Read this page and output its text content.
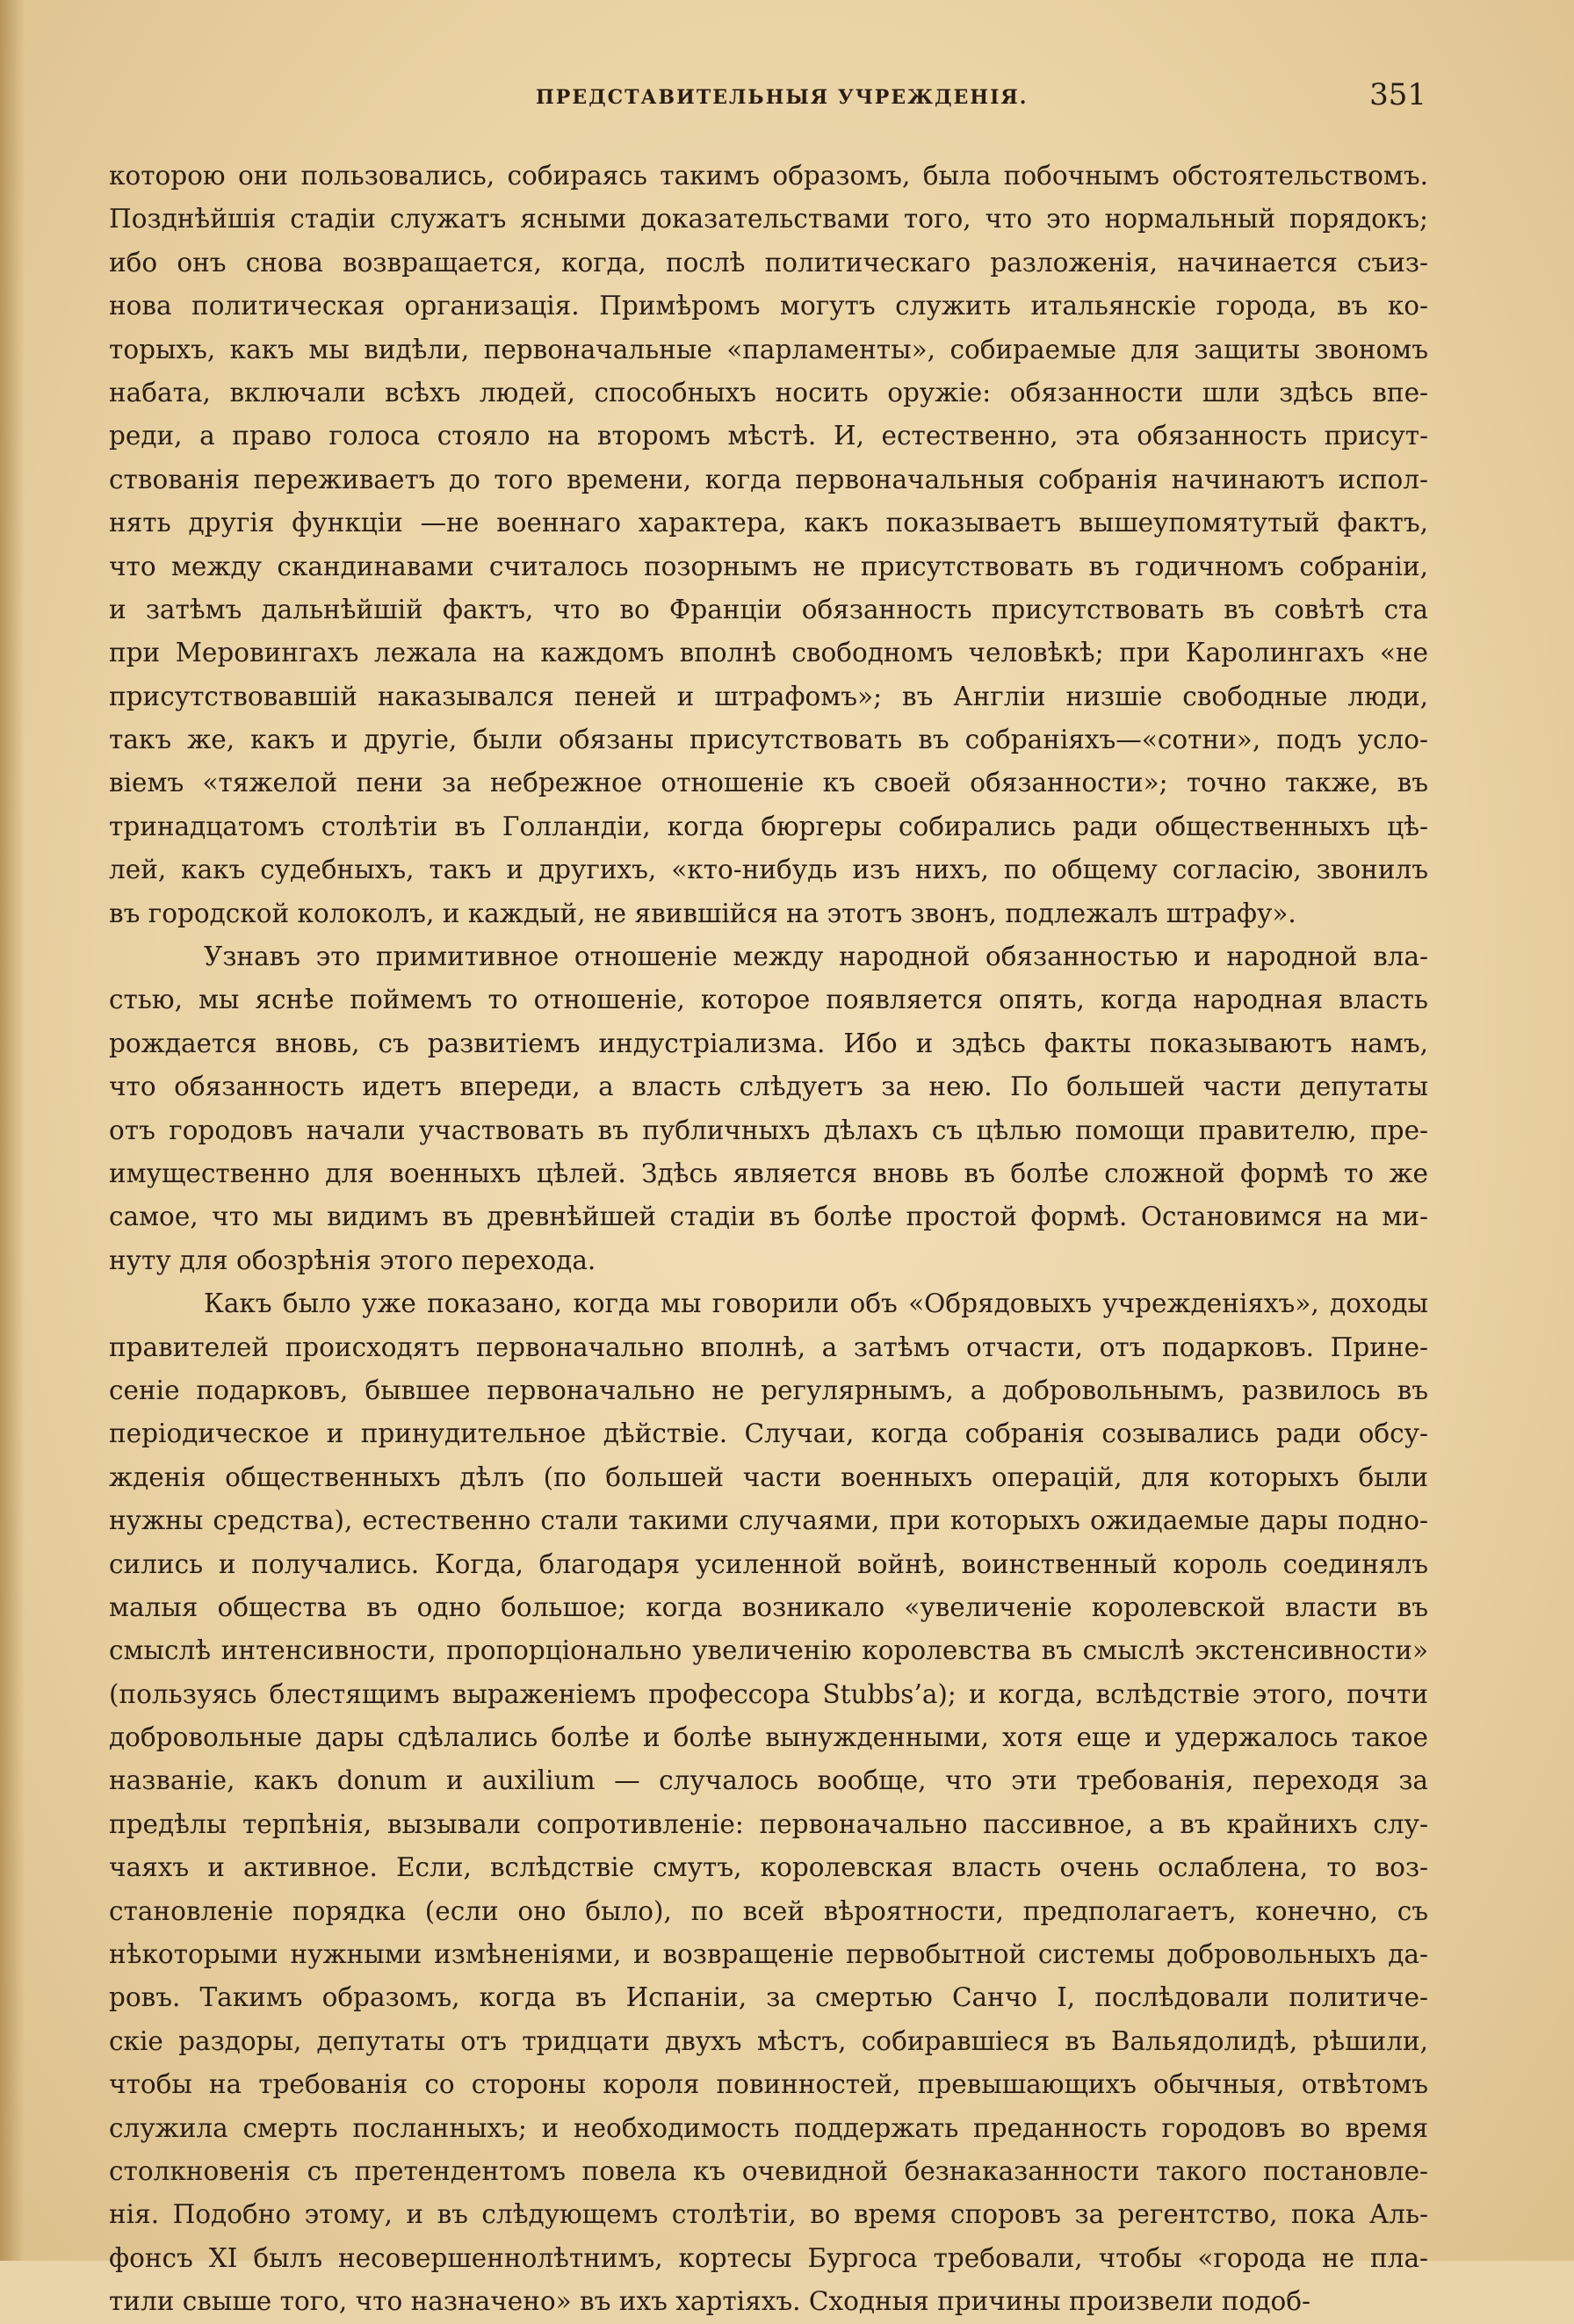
ПРЕДСТАВИТЕЛЬНЫЯ УЧРЕЖДЕНІЯ.	351
которою они пользовались, собираясь такимъ образомъ, была побочнымъ обстоятельствомъ.
Позднѣйшія стадіи служатъ ясными доказательствами того, что это нормальный порядокъ;
ибо онъ снова возвращается, когда, послѣ политическаго разложенія, начинается съиз-
нова политическая организація. Примѣромъ могутъ служить итальянскіе города, въ ко-
торыхъ, какъ мы видѣли, первоначальные «парламенты», собираемые для защиты звономъ
набата, включали всѣхъ людей, способныхъ носить оружіе: обязанности шли здѣсь впе-
реди, а право голоса стояло на второмъ мѣстѣ. И, естественно, эта обязанность присут-
ствованія переживаетъ до того времени, когда первоначальныя собранія начинаютъ испол-
нять другія функціи —не военнаго характера, какъ показываетъ вышеупомятутый фактъ,
что между скандинавами считалось позорнымъ не присутствовать въ годичномъ собраніи,
и затѣмъ дальнѣйшій фактъ, что во Франціи обязанность присутствовать въ совѣтѣ ста
при Меровингахъ лежала на каждомъ вполнѣ свободномъ человѣкѣ; при Каролингахъ «не
присутствовавшій наказывался пеней и штрафомъ»; въ Англіи низшіе свободные люди,
такъ же, какъ и другіе, были обязаны присутствовать въ собраніяхъ—«сотни», подъ усло-
віемъ «тяжелой пени за небрежное отношеніе къ своей обязанности»; точно также, въ
тринадцатомъ столѣтіи въ Голландіи, когда бюргеры собирались ради общественныхъ цѣ-
лей, какъ судебныхъ, такъ и другихъ, «кто-нибудь изъ нихъ, по общему согласію, звонилъ
въ городской колоколъ, и каждый, не явившійся на этотъ звонъ, подлежалъ штрафу».
Узнавъ это примитивное отношеніе между народной обязанностью и народной вла-
стью, мы яснѣе поймемъ то отношеніе, которое появляется опять, когда народная власть
рождается вновь, съ развитіемъ индустріализма. Ибо и здѣсь факты показываютъ намъ,
что обязанность идетъ впереди, а власть слѣдуетъ за нею. По большей части депутаты
отъ городовъ начали участвовать въ публичныхъ дѣлахъ съ цѣлью помощи правителю, пре-
имущественно для военныхъ цѣлей. Здѣсь является вновь въ болѣе сложной формѣ то же
самое, что мы видимъ въ древнѣйшей стадіи въ болѣе простой формѣ. Остановимся на ми-
нуту для обозрѣнія этого перехода.
Какъ было уже показано, когда мы говорили объ «Обрядовыхъ учрежденіяхъ», доходы
правителей происходятъ первоначально вполнѣ, а затѣмъ отчасти, отъ подарковъ. Прине-
сеніе подарковъ, бывшее первоначально не регулярнымъ, а добровольнымъ, развилось въ
періодическое и принудительное дѣйствіе. Случаи, когда собранія созывались ради обсу-
жденія общественныхъ дѣлъ (по большей части военныхъ операцій, для которыхъ были
нужны средства), естественно стали такими случаями, при которыхъ ожидаемые дары подно-
сились и получались. Когда, благодаря усиленной войнѣ, воинственный король соединялъ
малыя общества въ одно большое; когда возникало «увеличеніе королевской власти въ
смыслѣ интенсивности, пропорціонально увеличенію королевства въ смыслѣ экстенсивности»
(пользуясь блестящимъ выраженіемъ профессора Stubbs’a); и когда, вслѣдствіе этого, почти
добровольные дары сдѣлались болѣе и болѣе вынужденными, хотя еще и удержалось такое
названіе, какъ donum и auxilium — случалось вообще, что эти требованія, переходя за
предѣлы терпѣнія, вызывали сопротивленіе: первоначально пассивное, а въ крайнихъ слу-
чаяхъ и активное. Если, вслѣдствіе смутъ, королевская власть очень ослаблена, то воз-
становленіе порядка (если оно было), по всей вѣроятности, предполагаетъ, конечно, съ
нѣкоторыми нужными измѣненіями, и возвращеніе первобытной системы добровольныхъ да-
ровъ. Такимъ образомъ, когда въ Испаніи, за смертью Санчо I, послѣдовали политиче-
скіе раздоры, депутаты отъ тридцати двухъ мѣстъ, собиравшіеся въ Вальядолидѣ, рѣшили,
чтобы на требованія со стороны короля повинностей, превышающихъ обычныя, отвѣтомъ
служила смерть посланныхъ; и необходимость поддержать преданность городовъ во время
столкновенія съ претендентомъ повела къ очевидной безнаказанности такого постановле-
нія. Подобно этому, и въ слѣдующемъ столѣтіи, во время споровъ за регентство, пока Аль-
фонсъ XI былъ несовершеннолѣтнимъ, кортесы Бургоса требовали, чтобы «города не пла-
тили свыше того, что назначено» въ ихъ хартіяхъ. Сходныя причины произвели подоб-
